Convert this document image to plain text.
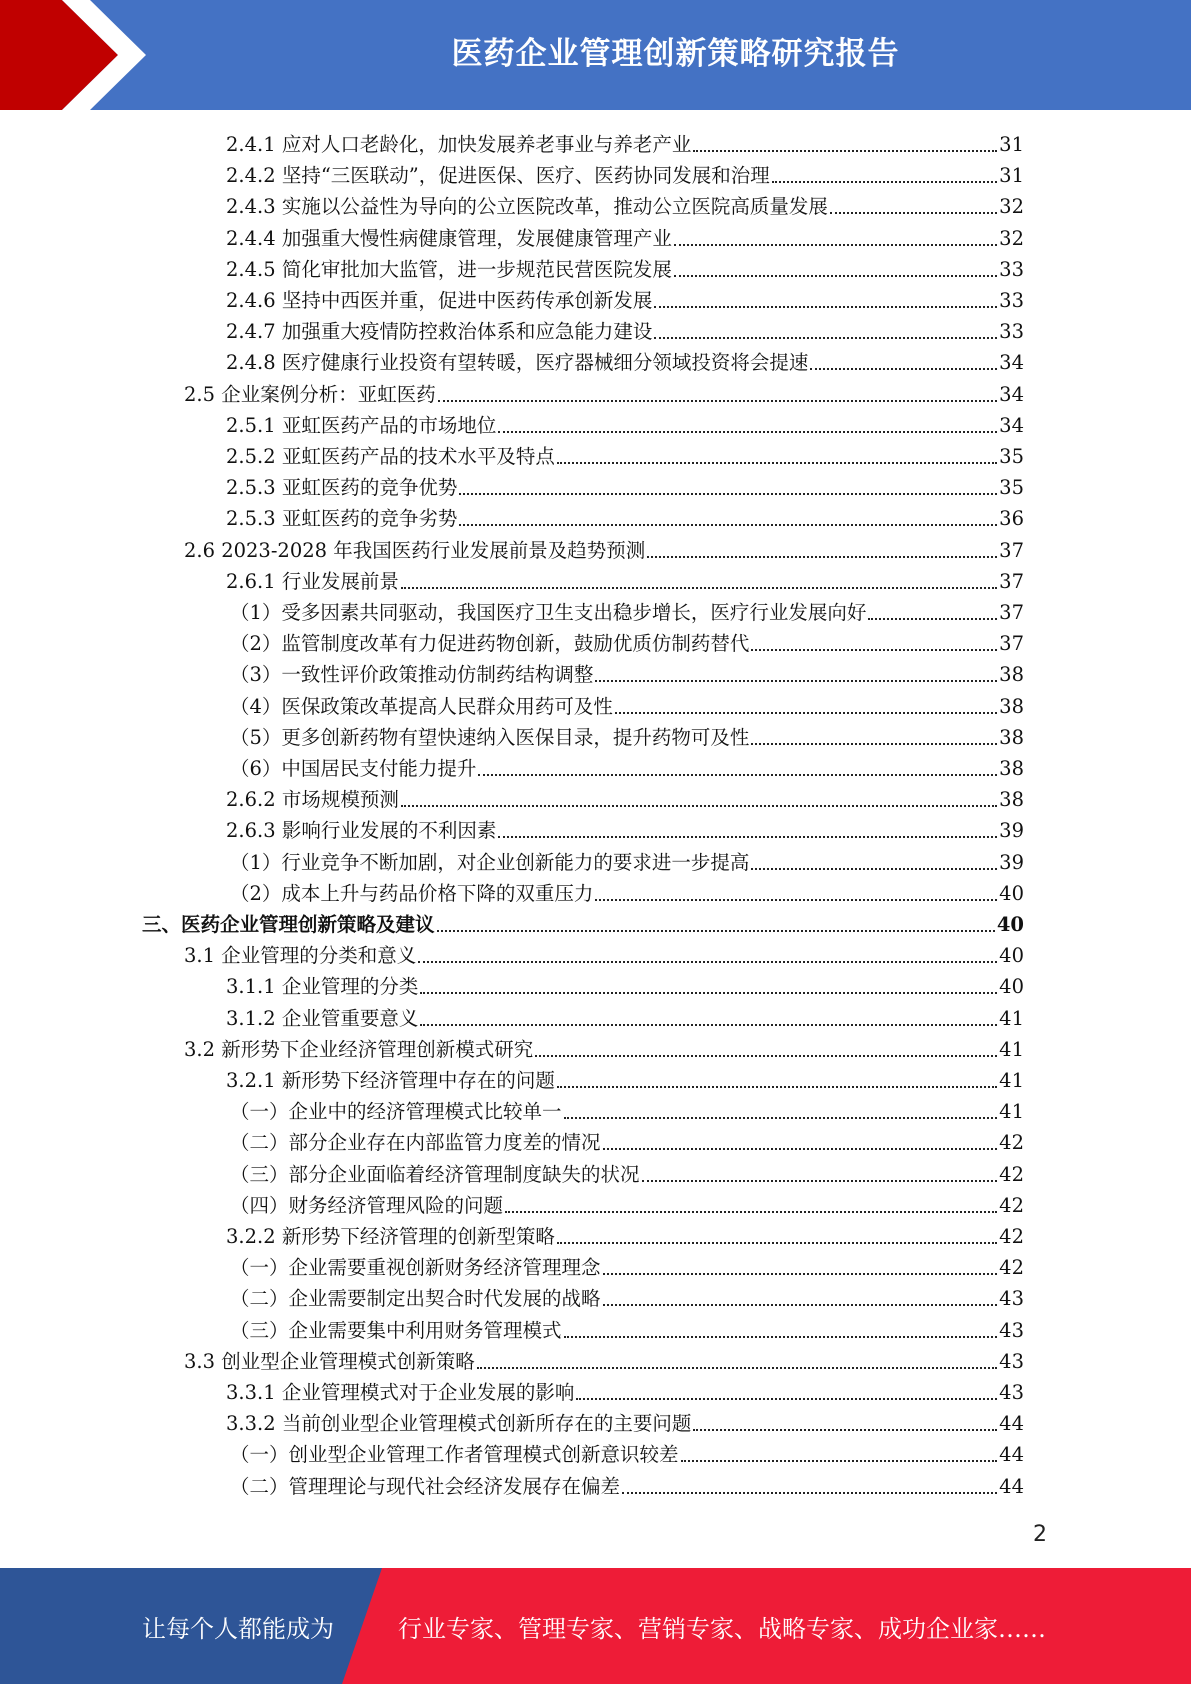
医药企业管理创新策略研究报告
2.4.1 应对人口老龄化，加快发展养老事业与养老产业	31
2.4.2 坚持“三医联动”，促进医保、医疗、医药协同发展和治理	31
2.4.3 实施以公益性为导向的公立医院改革，推动公立医院高质量发展	32
2.4.4 加强重大慢性病健康管理，发展健康管理产业	32
2.4.5 简化审批加大监管，进一步规范民营医院发展	33
2.4.6 坚持中西医并重，促进中医药传承创新发展	33
2.4.7 加强重大疫情防控救治体系和应急能力建设	33
2.4.8 医疗健康行业投资有望转暖，医疗器械细分领域投资将会提速	34
2.5 企业案例分析：亚虹医药	34
2.5.1 亚虹医药产品的市场地位	34
2.5.2 亚虹医药产品的技术水平及特点	35
2.5.3 亚虹医药的竞争优势	35
2.5.3 亚虹医药的竞争劣势	36
2.6 2023-2028 年我国医药行业发展前景及趋势预测	37
2.6.1 行业发展前景	37
（1）受多因素共同驱动，我国医疗卫生支出稳步增长，医疗行业发展向好	37
（2）监管制度改革有力促进药物创新，鼓励优质仿制药替代	37
（3）一致性评价政策推动仿制药结构调整	38
（4）医保政策改革提高人民群众用药可及性	38
（5）更多创新药物有望快速纳入医保目录，提升药物可及性	38
（6）中国居民支付能力提升	38
2.6.2 市场规模预测	38
2.6.3 影响行业发展的不利因素	39
（1）行业竞争不断加剧，对企业创新能力的要求进一步提高	39
（2）成本上升与药品价格下降的双重压力	40
三、医药企业管理创新策略及建议	40
3.1 企业管理的分类和意义	40
3.1.1 企业管理的分类	40
3.1.2 企业管重要意义	41
3.2 新形势下企业经济管理创新模式研究	41
3.2.1 新形势下经济管理中存在的问题	41
（一）企业中的经济管理模式比较单一	41
（二）部分企业存在内部监管力度差的情况	42
（三）部分企业面临着经济管理制度缺失的状况	42
（四）财务经济管理风险的问题	42
3.2.2 新形势下经济管理的创新型策略	42
（一）企业需要重视创新财务经济管理理念	42
（二）企业需要制定出契合时代发展的战略	43
（三）企业需要集中利用财务管理模式	43
3.3 创业型企业管理模式创新策略	43
3.3.1 企业管理模式对于企业发展的影响	43
3.3.2 当前创业型企业管理模式创新所存在的主要问题	44
（一）创业型企业管理工作者管理模式创新意识较差	44
（二）管理理论与现代社会经济发展存在偏差	44
2
让每个人都能成为	行业专家、管理专家、营销专家、战略专家、成功企业家……
